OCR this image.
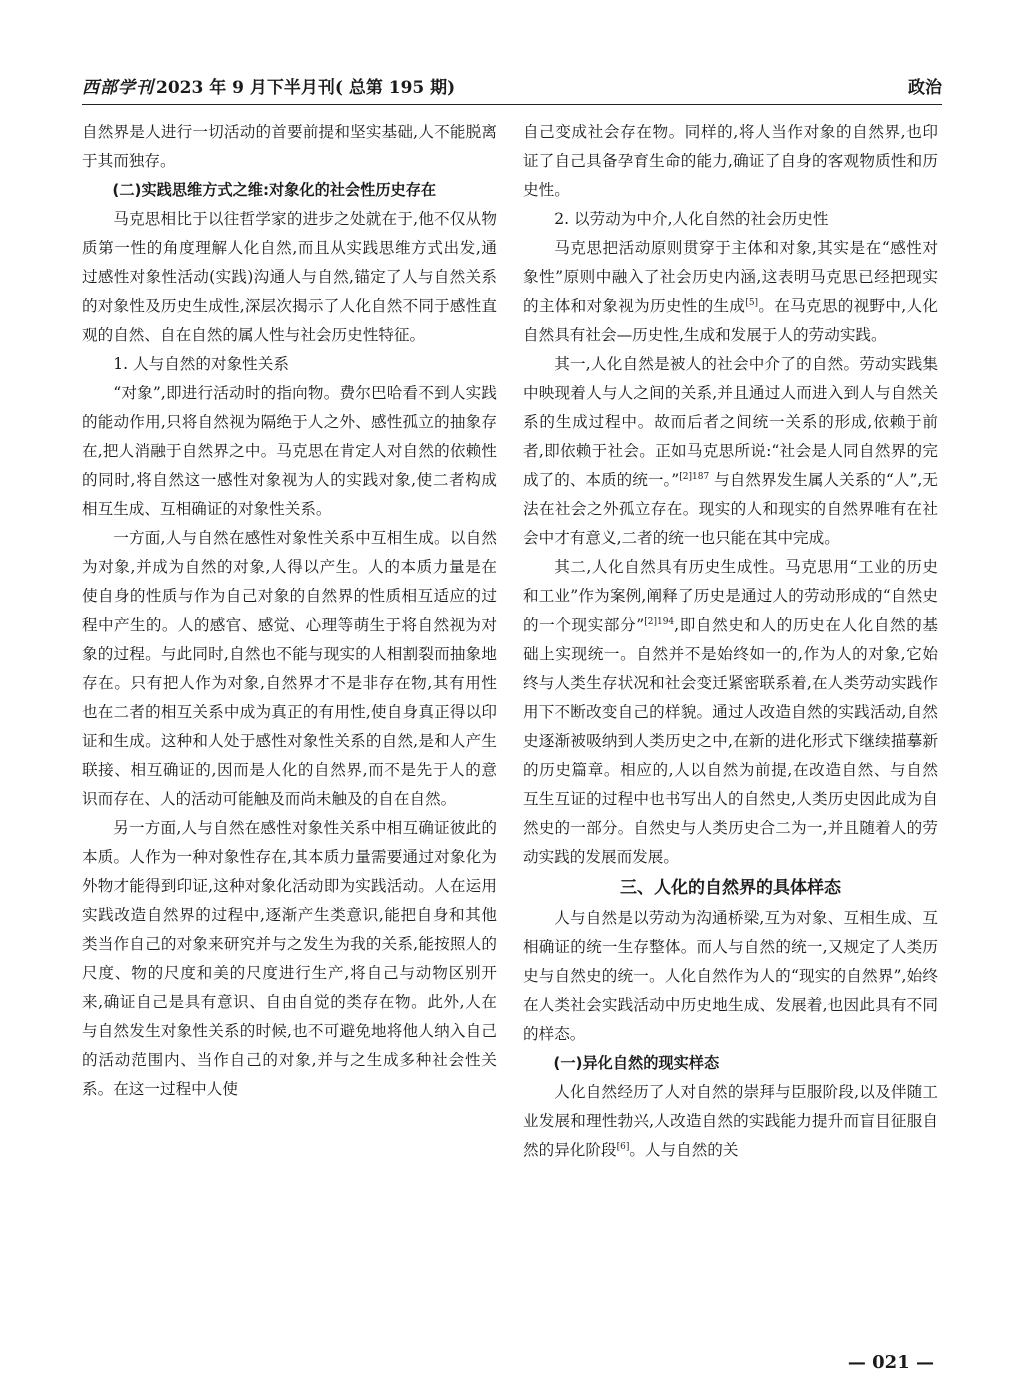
西部学刊 2023 年 9 月下半月刊( 总第 195 期)	政治

自然界是人进行一切活动的首要前提和坚实基础,人不能脱离于其而独存。

(二)实践思维方式之维:对象化的社会性历史存在

马克思相比于以往哲学家的进步之处就在于,他不仅从物质第一性的角度理解人化自然,而且从实践思维方式出发,通过感性对象性活动(实践)沟通人与自然,锚定了人与自然关系的对象性及历史生成性,深层次揭示了人化自然不同于感性直观的自然、自在自然的属人性与社会历史性特征。

1. 人与自然的对象性关系

“对象”,即进行活动时的指向物。费尔巴哈看不到人实践的能动作用,只将自然视为隔绝于人之外、感性孤立的抽象存在,把人消融于自然界之中。马克思在肯定人对自然的依赖性的同时,将自然这一感性对象视为人的实践对象,使二者构成相互生成、互相确证的对象性关系。

一方面,人与自然在感性对象性关系中互相生成。以自然为对象,并成为自然的对象,人得以产生。人的本质力量是在使自身的性质与作为自己对象的自然界的性质相互适应的过程中产生的。人的感官、感觉、心理等萌生于将自然视为对象的过程。与此同时,自然也不能与现实的人相割裂而抽象地存在。只有把人作为对象,自然界才不是非存在物,其有用性也在二者的相互关系中成为真正的有用性,使自身真正得以印证和生成。这种和人处于感性对象性关系的自然,是和人产生联接、相互确证的,因而是人化的自然界,而不是先于人的意识而存在、人的活动可能触及而尚未触及的自在自然。

另一方面,人与自然在感性对象性关系中相互确证彼此的本质。人作为一种对象性存在,其本质力量需要通过对象化为外物才能得到印证,这种对象化活动即为实践活动。人在运用实践改造自然界的过程中,逐渐产生类意识,能把自身和其他类当作自己的对象来研究并与之发生为我的关系,能按照人的尺度、物的尺度和美的尺度进行生产,将自己与动物区别开来,确证自己是具有意识、自由自觉的类存在物。此外,人在与自然发生对象性关系的时候,也不可避免地将他人纳入自己的活动范围内、当作自己的对象,并与之生成多种社会性关系。在这一过程中人使

自己变成社会存在物。同样的,将人当作对象的自然界,也印证了自己具备孕育生命的能力,确证了自身的客观物质性和历史性。

2. 以劳动为中介,人化自然的社会历史性

马克思把活动原则贯穿于主体和对象,其实是在“感性对象性”原则中融入了社会历史内涵,这表明马克思已经把现实的主体和对象视为历史性的生成[5]。在马克思的视野中,人化自然具有社会—历史性,生成和发展于人的劳动实践。

其一,人化自然是被人的社会中介了的自然。劳动实践集中映现着人与人之间的关系,并且通过人而进入到人与自然关系的生成过程中。故而后者之间统一关系的形成,依赖于前者,即依赖于社会。正如马克思所说:“社会是人同自然界的完成了的、本质的统一。”$^{[2]187}$ 与自然界发生属人关系的“人”,无法在社会之外孤立存在。现实的人和现实的自然界唯有在社会中才有意义,二者的统一也只能在其中完成。

其二,人化自然具有历史生成性。马克思用“工业的历史和工业”作为案例,阐释了历史是通过人的劳动形成的“自然史的一个现实部分”$^{[2]194}$,即自然史和人的历史在人化自然的基础上实现统一。自然并不是始终如一的,作为人的对象,它始终与人类生存状况和社会变迁紧密联系着,在人类劳动实践作用下不断改变自己的样貌。通过人改造自然的实践活动,自然史逐渐被吸纳到人类历史之中,在新的进化形式下继续描摹新的历史篇章。相应的,人以自然为前提,在改造自然、与自然互生互证的过程中也书写出人的自然史,人类历史因此成为自然史的一部分。自然史与人类历史合二为一,并且随着人的劳动实践的发展而发展。

三、人化的自然界的具体样态

人与自然是以劳动为沟通桥梁,互为对象、互相生成、互相确证的统一生存整体。而人与自然的统一,又规定了人类历史与自然史的统一。人化自然作为人的“现实的自然界”,始终在人类社会实践活动中历史地生成、发展着,也因此具有不同的样态。

(一)异化自然的现实样态

人化自然经历了人对自然的崇拜与臣服阶段,以及伴随工业发展和理性勃兴,人改造自然的实践能力提升而盲目征服自然的异化阶段[6]。人与自然的关

— 021 —
